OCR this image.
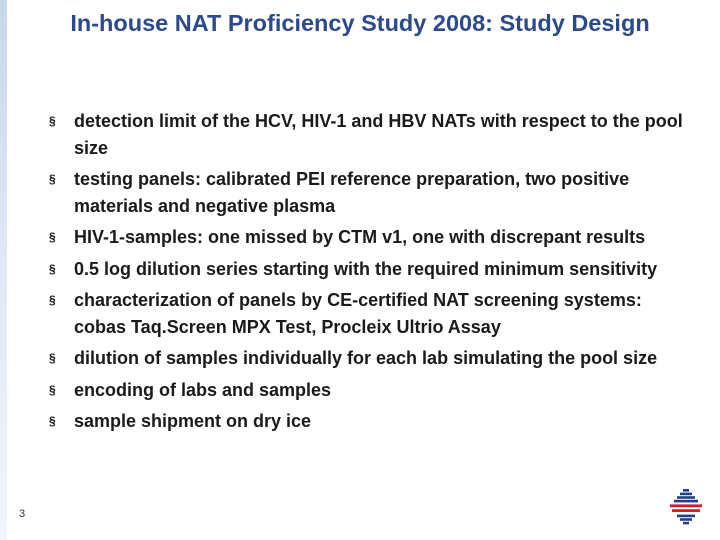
In-house NAT Proficiency Study 2008: Study Design
§ detection limit of the HCV, HIV-1 and HBV NATs with respect to the pool size
§ testing panels: calibrated PEI reference preparation, two positive materials and negative plasma
§ HIV-1-samples: one missed by CTM v1, one with discrepant results
§ 0.5 log dilution series starting with the required minimum sensitivity
§ characterization of panels by CE-certified NAT screening systems: cobas Taq.Screen MPX Test, Procleix Ultrio Assay
§ dilution of samples individually for each lab simulating the pool size
§ encoding of labs and samples
§ sample shipment on dry ice
3
